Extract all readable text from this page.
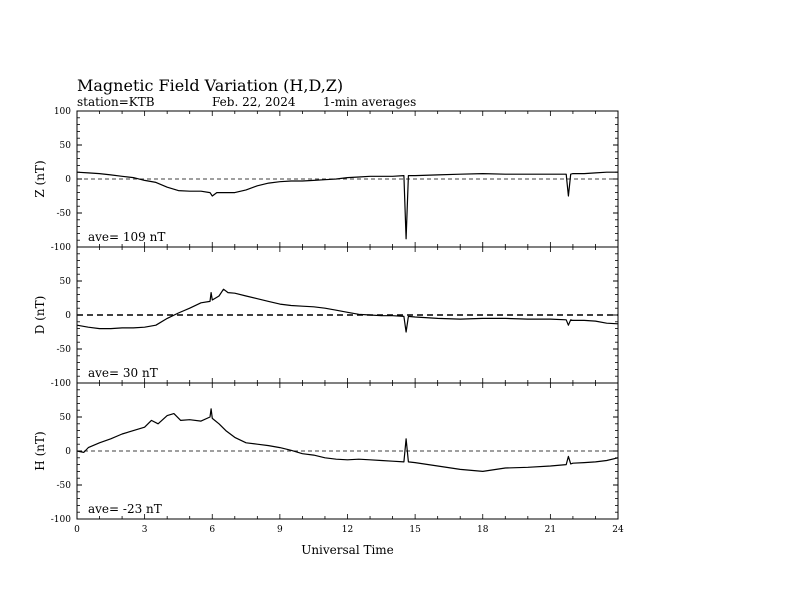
Magnetic Field Variation (H,D,Z)
station=KTB	Feb. 22, 2024 1-min averages
100
50
0
-50
-100
Z (nT)
ave= 109 nT
50
0
-50
-100
D (nT)
ave= 30 nT
50
0
-50
-100
H (nT)
ave= -23 nT
0	3	6	9	12	15	18	21	24
Universal Time
